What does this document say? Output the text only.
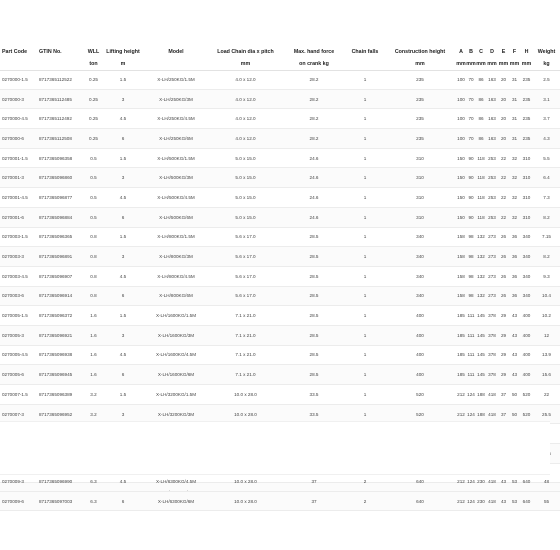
Part Code	GTIN No.	WLL	Lifting height	Model	Load Chain dia x pitch	Max. hand force	Chain falls	Construction height	A	B	C	D	E	F	H	Weight
		ton	m		mm	on crank kg		mm	mm	mm	mm	mm	mm	mm	mm	kg
0270000-1.5	8717365112522	0.25	1.5	X-LH/250KG/1.5M	4.0 x 12.0	28.2	1	235	100	70	86	163	20	31	235	2.5
0270000-3	8717365112485	0.25	3	X-LH/250KG/3M	4.0 x 12.0	28.2	1	235	100	70	86	163	20	31	235	3.1
0270000-4.5	8717365112492	0.25	4.5	X-LH/250KG/4.5M	4.0 x 12.0	28.2	1	235	100	70	86	163	20	31	235	3.7
0270000-6	8717365112508	0.25	6	X-LH/250KG/6M	4.0 x 12.0	28.2	1	235	100	70	86	163	20	31	235	4.3
0270001-1.5	8717365096358	0.5	1.5	X-LH/500KG/1.5M	5.0 x 15.0	24.6	1	310	150	90	118	253	22	32	310	5.5
0270001-3	8717365096860	0.5	3	X-LH/500KG/3M	5.0 x 15.0	24.6	1	310	150	90	118	253	22	32	310	6.4
0270001-4.5	8717365096877	0.5	4.5	X-LH/500KG/4.5M	5.0 x 15.0	24.6	1	310	150	90	118	253	22	32	310	7.3
0270001-6	8717365096884	0.5	6	X-LH/500KG/6M	5.0 x 15.0	24.6	1	310	150	90	118	253	22	32	310	8.2
0270003-1.5	8717365096365	0.8	1.5	X-LH/800KG/1.5M	5.6 x 17.0	28.5	1	340	158	98	132	273	26	36	340	7.15
0270003-3	8717365096891	0.8	3	X-LH/800KG/3M	5.6 x 17.0	28.5	1	340	158	98	132	273	26	36	340	8.2
0270003-4.5	8717365096907	0.8	4.5	X-LH/800KG/4.5M	5.6 x 17.0	28.5	1	340	158	98	132	273	26	36	340	9.3
0270003-6	8717365096914	0.8	6	X-LH/800KG/6M	5.6 x 17.0	28.5	1	340	158	98	132	273	26	36	340	10.4
0270005-1.5	8717365096372	1.6	1.5	X-LH/1600KG/1.5M	7.1 x 21.0	28.5	1	400	185	111	145	378	29	43	400	10.2
0270005-3	8717365096921	1.6	3	X-LH/1600KG/3M	7.1 x 21.0	28.5	1	400	185	111	145	378	29	43	400	12
0270005-4.5	8717365096938	1.6	4.5	X-LH/1600KG/4.5M	7.1 x 21.0	28.5	1	400	185	111	145	378	29	43	400	13.9
0270005-6	8717365096945	1.6	6	X-LH/1600KG/6M	7.1 x 21.0	28.5	1	400	185	111	145	378	29	43	400	15.6
0270007-1.5	8717365096389	3.2	1.5	X-LH/3200KG/1.5M	10.0 x 28.0	33.5	1	520	212	124	188	418	37	50	520	22
0270007-3	8717365096952	3.2	3	X-LH/3200KG/3M	10.0 x 28.0	33.5	1	520	212	124	188	418	37	50	520	25.5

0270009-3	8717365096990	6.3	4.5	X-LH/6300KG/4.5M	10.0 x 28.0	37	2	640	212	124	230	418	43	53	640	48
0270009-6	8717365097003	6.3	6	X-LH/6300KG/6M	10.0 x 28.0	37	2	640	212	124	230	418	43	53	640	55
